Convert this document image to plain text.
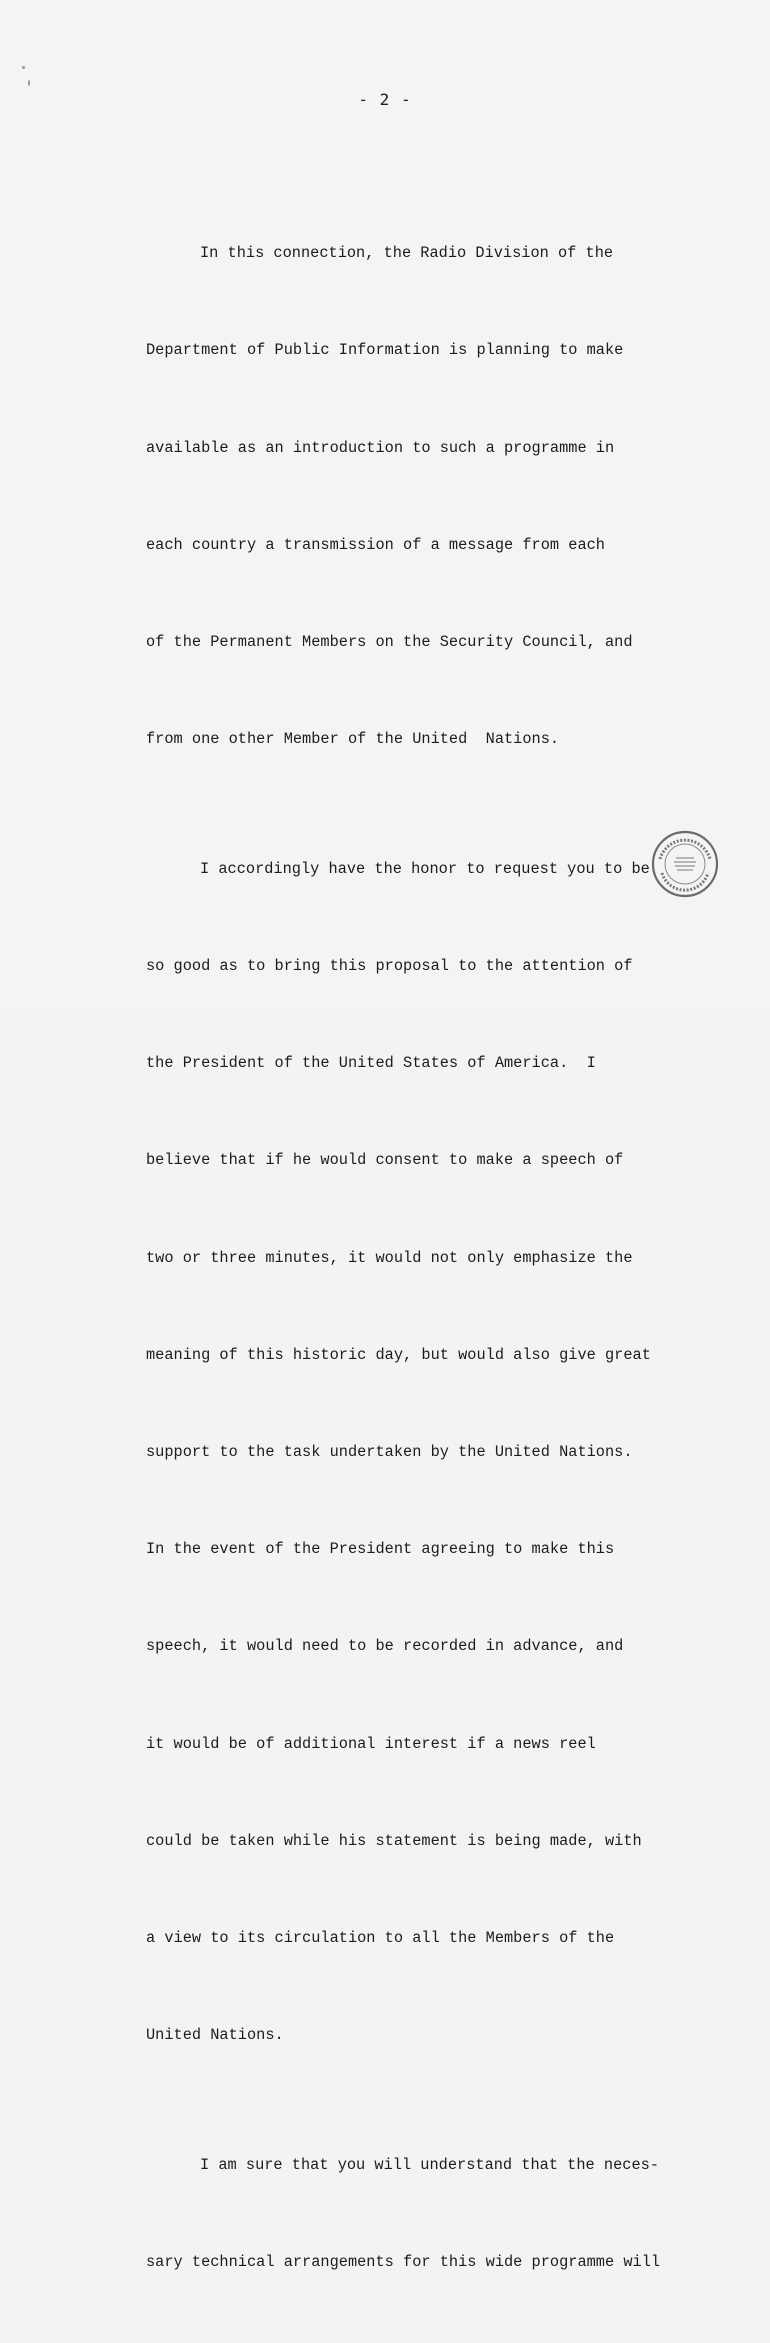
- 2 -

In this connection, the Radio Division of the

Department of Public Information is planning to make

available as an introduction to such a programme in

each country a transmission of a message from each

of the Permanent Members on the Security Council, and

from one other Member of the United  Nations.

I accordingly have the honor to request you to be

so good as to bring this proposal to the attention of

the President of the United States of America.  I

believe that if he would consent to make a speech of

two or three minutes, it would not only emphasize the

meaning of this historic day, but would also give great

support to the task undertaken by the United Nations.

In the event of the President agreeing to make this

speech, it would need to be recorded in advance, and

it would be of additional interest if a news reel

could be taken while his statement is being made, with

a view to its circulation to all the Members of the

United Nations.

I am sure that you will understand that the neces-

sary technical arrangements for this wide programme will
